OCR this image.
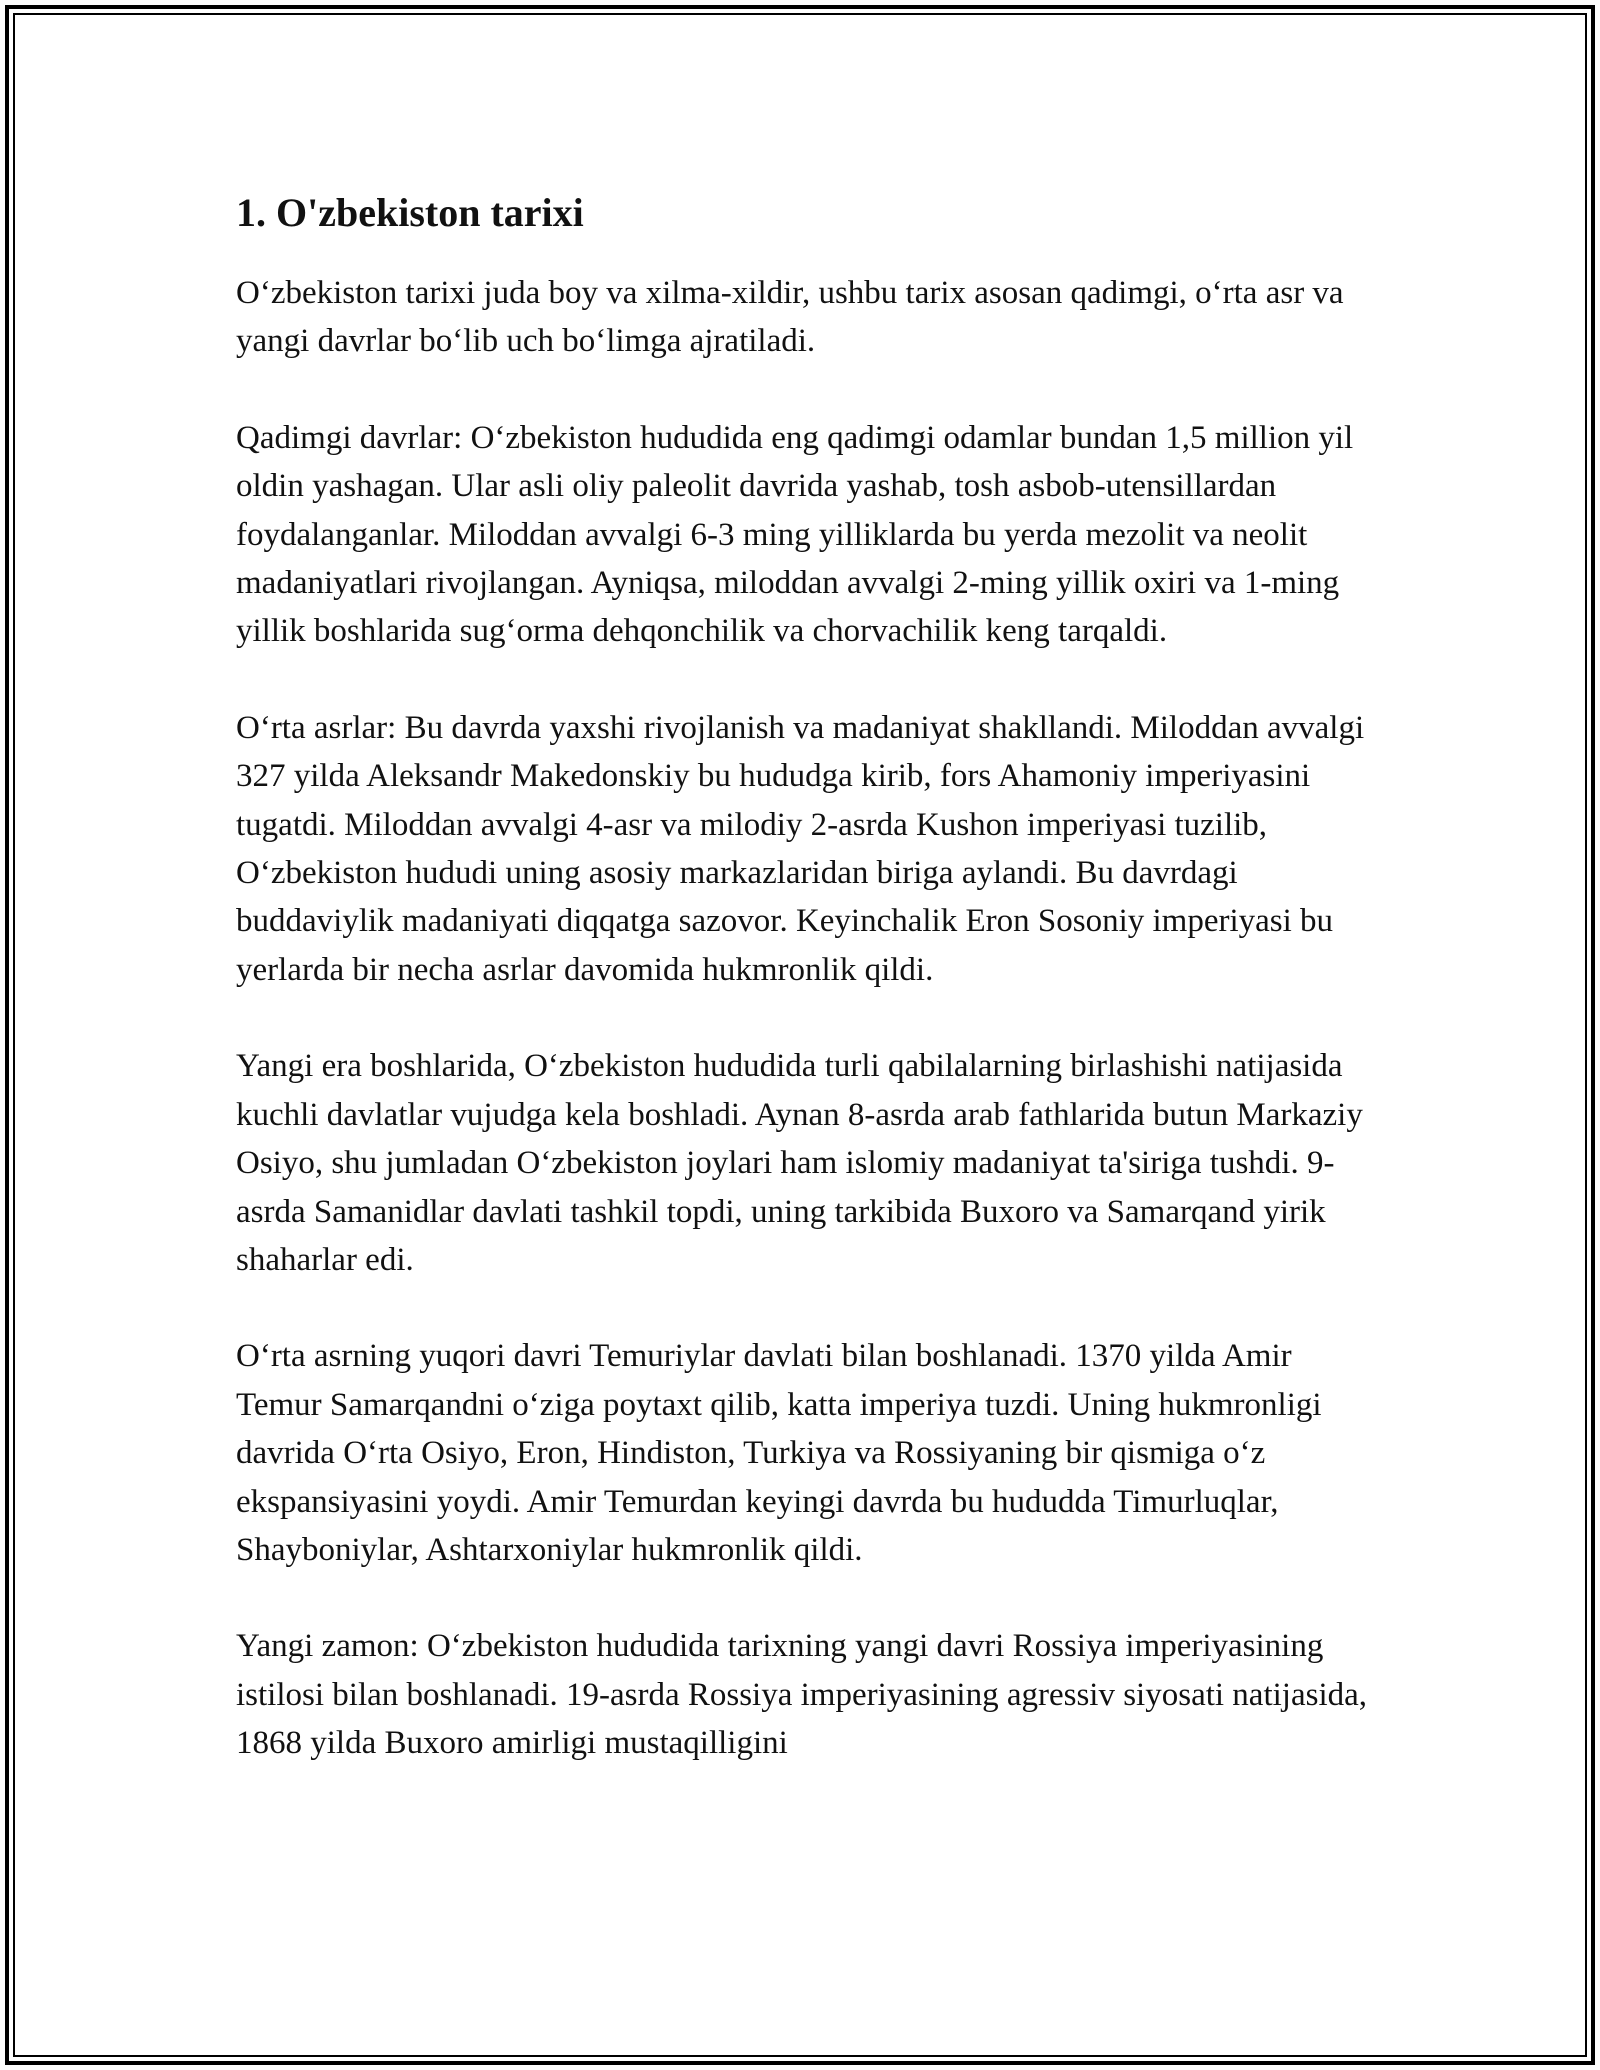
1. O'zbekiston tarixi

O‘zbekiston tarixi juda boy va xilma-xildir, ushbu tarix asosan qadimgi, o‘rta asr va yangi davrlar bo‘lib uch bo‘limga ajratiladi.

Qadimgi davrlar: O‘zbekiston hududida eng qadimgi odamlar bundan 1,5 million yil oldin yashagan. Ular asli oliy paleolit davrida yashab, tosh asbob-utensillardan foydalanganlar. Miloddan avvalgi 6-3 ming yilliklarda bu yerda mezolit va neolit madaniyatlari rivojlangan. Ayniqsa, miloddan avvalgi 2-ming yillik oxiri va 1-ming yillik boshlarida sug‘orma dehqonchilik va chorvachilik keng tarqaldi.

O‘rta asrlar: Bu davrda yaxshi rivojlanish va madaniyat shakllandi. Miloddan avvalgi 327 yilda Aleksandr Makedonskiy bu hududga kirib, fors Ahamoniy imperiyasini tugatdi. Miloddan avvalgi 4-asr va milodiy 2-asrda Kushon imperiyasi tuzilib, O‘zbekiston hududi uning asosiy markazlaridan biriga aylandi. Bu davrdagi buddaviylik madaniyati diqqatga sazovor. Keyinchalik Eron Sosoniy imperiyasi bu yerlarda bir necha asrlar davomida hukmronlik qildi.

Yangi era boshlarida, O‘zbekiston hududida turli qabilalarning birlashishi natijasida kuchli davlatlar vujudga kela boshladi. Aynan 8-asrda arab fathlarida butun Markaziy Osiyo, shu jumladan O‘zbekiston joylari ham islomiy madaniyat ta'siriga tushdi. 9-asrda Samanidlar davlati tashkil topdi, uning tarkibida Buxoro va Samarqand yirik shaharlar edi.

O‘rta asrning yuqori davri Temuriylar davlati bilan boshlanadi. 1370 yilda Amir Temur Samarqandni o‘ziga poytaxt qilib, katta imperiya tuzdi. Uning hukmronligi davrida O‘rta Osiyo, Eron, Hindiston, Turkiya va Rossiyaning bir qismiga o‘z ekspansiyasini yoydi. Amir Temurdan keyingi davrda bu hududda Timurluqlar, Shayboniylar, Ashtarxoniylar hukmronlik qildi.

Yangi zamon: O‘zbekiston hududida tarixning yangi davri Rossiya imperiyasining istilosi bilan boshlanadi. 19-asrda Rossiya imperiyasining agressiv siyosati natijasida, 1868 yilda Buxoro amirligi mustaqilligini
